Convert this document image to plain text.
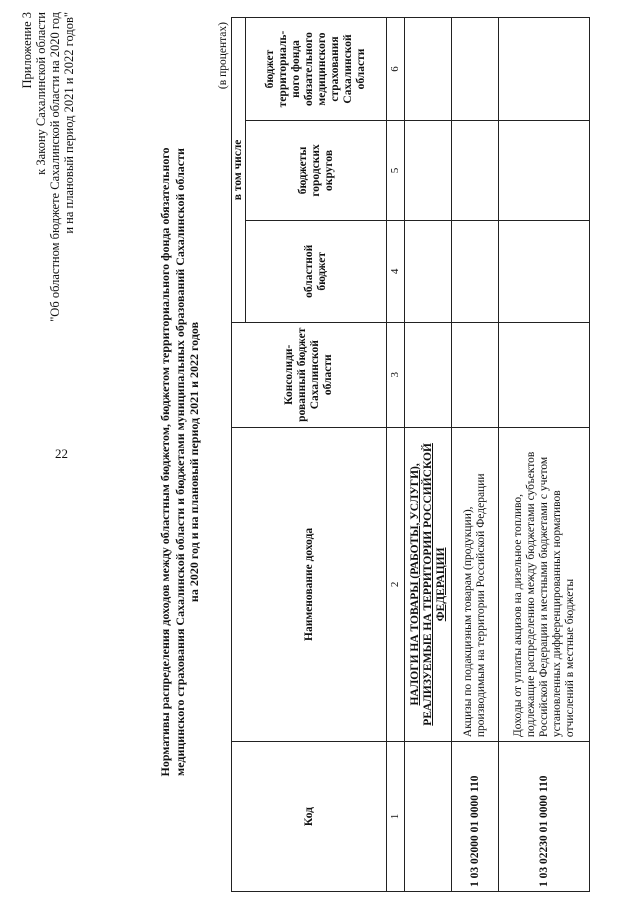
22
Приложение 3 к Закону Сахалинской области "Об областном бюджете Сахалинской области на 2020 год и на плановый период 2021 и 2022 годов"
Нормативы распределения доходов между областным бюджетом, бюджетом территориального фонда обязательного медицинского страхования Сахалинской области и бюджетами муниципальных образований Сахалинской области на 2020 год и на плановый период 2021 и 2022 годов
(в процентах)
Код	Наименование дохода	Консолиди-рованный бюджет Сахалинской области	в том числе		
			областной бюджет	бюджеты городских округов	бюджет территориаль-ного фонда обязательного медицинского страхования Сахалинской области
1	2	3	4	5	6
	НАЛОГИ НА ТОВАРЫ (РАБОТЫ, УСЛУГИ), РЕАЛИЗУЕМЫЕ НА ТЕРРИТОРИИ РОССИЙСКОЙ ФЕДЕРАЦИИ				
1 03 02000 01 0000 110	Акцизы по подакцизным товарам (продукции), производимым на территории Российской Федерации				
1 03 02230 01 0000 110	Доходы от уплаты акцизов на дизельное топливо, подлежащие распределению между бюджетами субъектов Российской Федерации и местными бюджетами с учетом установленных дифференцированных нормативов отчислений в местные бюджеты				
